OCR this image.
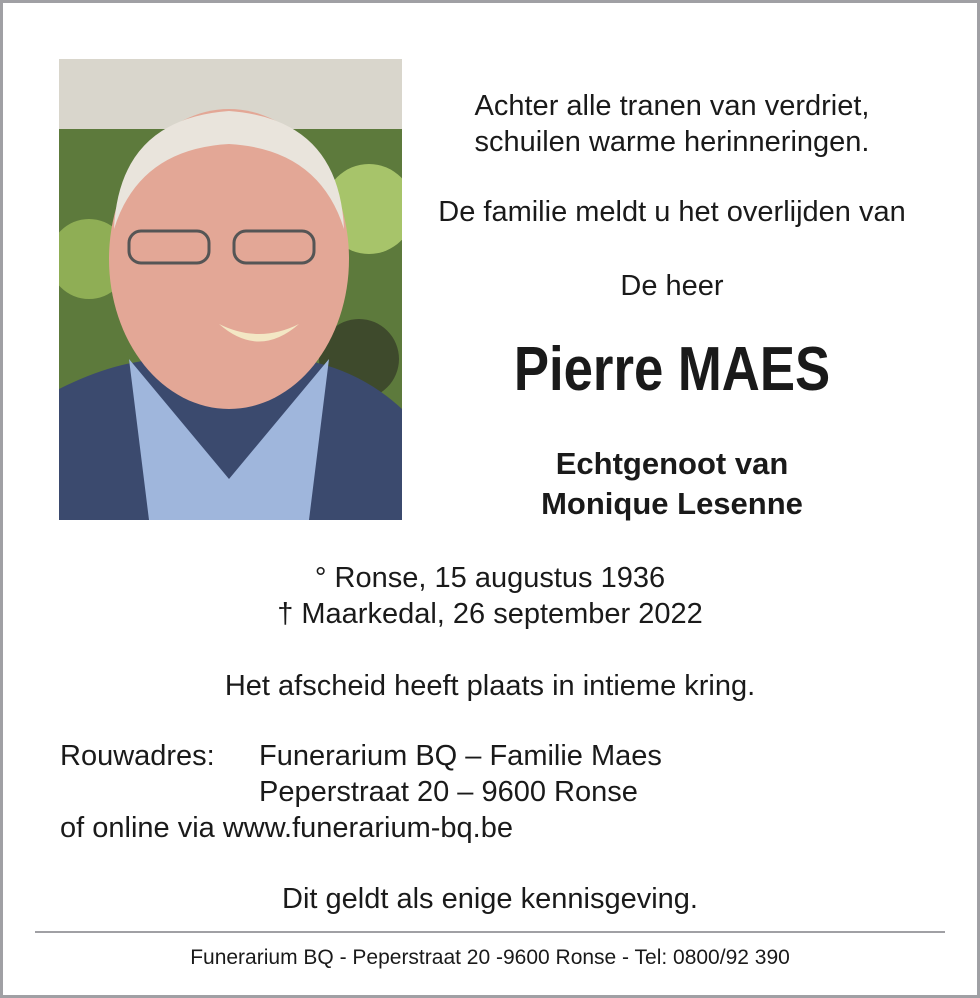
Achter alle tranen van verdriet,
schuilen warme herinneringen.
De familie meldt u het overlijden van
De heer
Pierre MAES
Echtgenoot van
Monique Lesenne
° Ronse, 15 augustus 1936
† Maarkedal, 26 september 2022
Het afscheid heeft plaats in intieme kring.
Rouwadres: Funerarium BQ – Familie Maes
Peperstraat 20 – 9600 Ronse
of online via www.funerarium-bq.be
Dit geldt als enige kennisgeving.
Funerarium BQ - Peperstraat 20 -9600 Ronse - Tel: 0800/92 390
